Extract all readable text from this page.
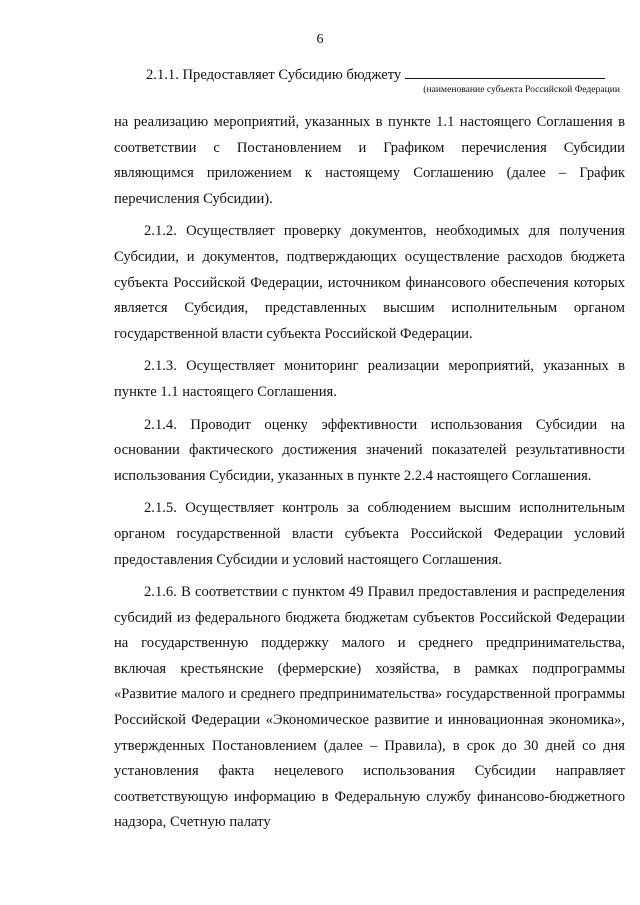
6
2.1.1. Предоставляет Субсидию бюджету
(наименование субъекта Российской Федерации

на реализацию мероприятий, указанных в пункте 1.1 настоящего Соглашения в соответствии с Постановлением и Графиком перечисления Субсидии являющимся приложением к настоящему Соглашению (далее – График перечисления Субсидии).

2.1.2. Осуществляет проверку документов, необходимых для получения Субсидии, и документов, подтверждающих осуществление расходов бюджета субъекта Российской Федерации, источником финансового обеспечения которых является Субсидия, представленных высшим исполнительным органом государственной власти субъекта Российской Федерации.

2.1.3. Осуществляет мониторинг реализации мероприятий, указанных в пункте 1.1 настоящего Соглашения.

2.1.4. Проводит оценку эффективности использования Субсидии на основании фактического достижения значений показателей результативности использования Субсидии, указанных в пункте 2.2.4 настоящего Соглашения.

2.1.5. Осуществляет контроль за соблюдением высшим исполнительным органом государственной власти субъекта Российской Федерации условий предоставления Субсидии и условий настоящего Соглашения.

2.1.6. В соответствии с пунктом 49 Правил предоставления и распределения субсидий из федерального бюджета бюджетам субъектов Российской Федерации на государственную поддержку малого и среднего предпринимательства, включая крестьянские (фермерские) хозяйства, в рамках подпрограммы «Развитие малого и среднего предпринимательства» государственной программы Российской Федерации «Экономическое развитие и инновационная экономика», утвержденных Постановлением (далее – Правила), в срок до 30 дней со дня установления факта нецелевого использования Субсидии направляет соответствующую информацию в Федеральную службу финансово-бюджетного надзора, Счетную палату
